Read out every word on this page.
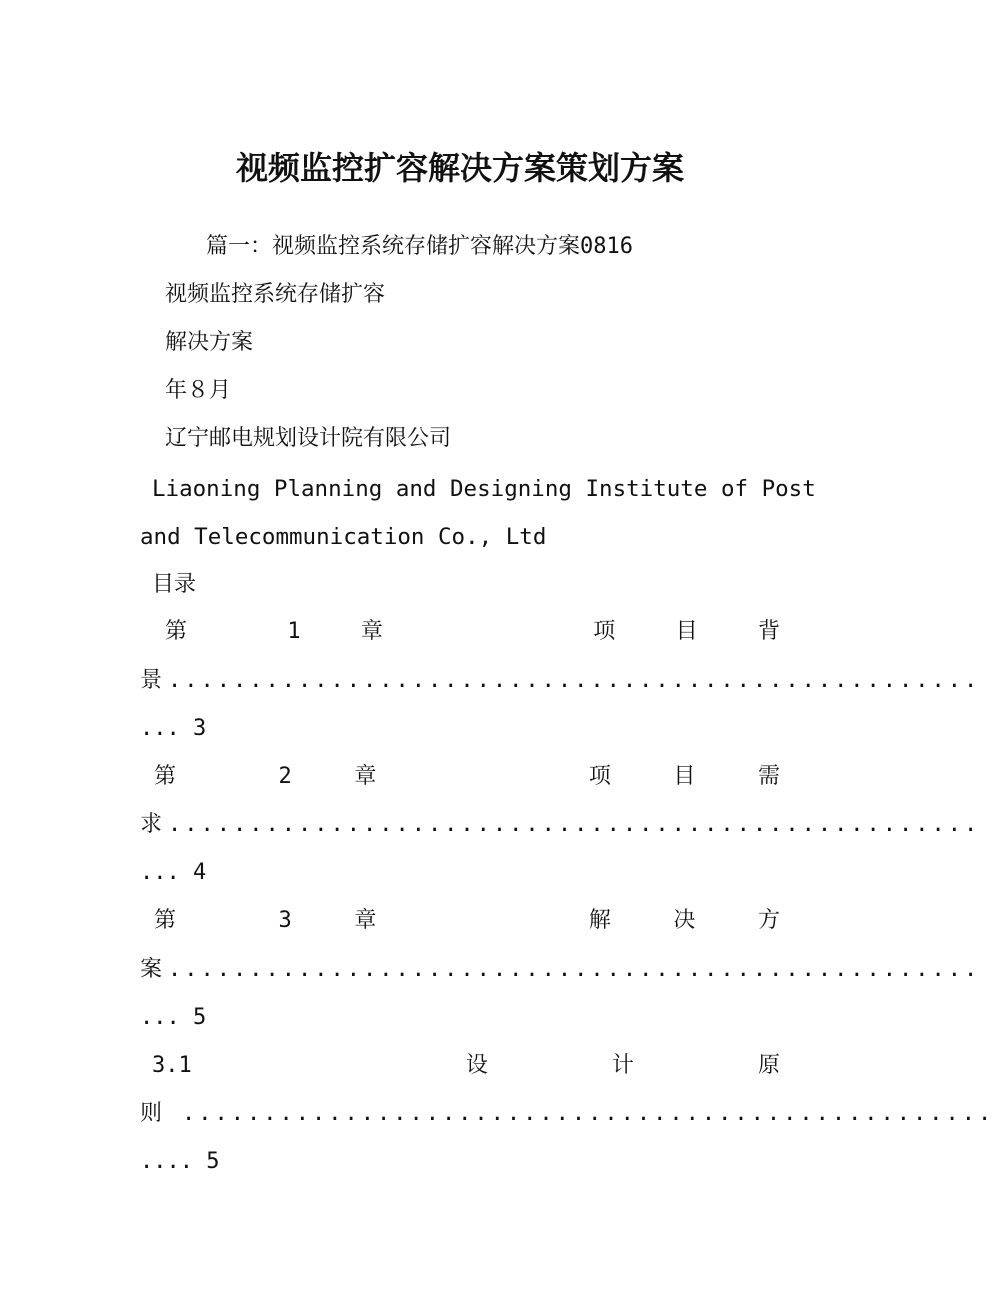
视频监控扩容解决方案策划方案
篇一：视频监控系统存储扩容解决方案0816
视频监控系统存储扩容
解决方案
年８月
辽宁邮电规划设计院有限公司
Liaoning Planning and Designing Institute of Post
and Telecommunication Co., Ltd
目录
第	1	章	项	目	背
景 ..................................................
... 3
第	2	章	项	目	需
求 ..................................................
... 4
第	3	章	解	决	方
案 ..................................................
... 5
3.1	设	计	原
则 ..................................................
.... 5
